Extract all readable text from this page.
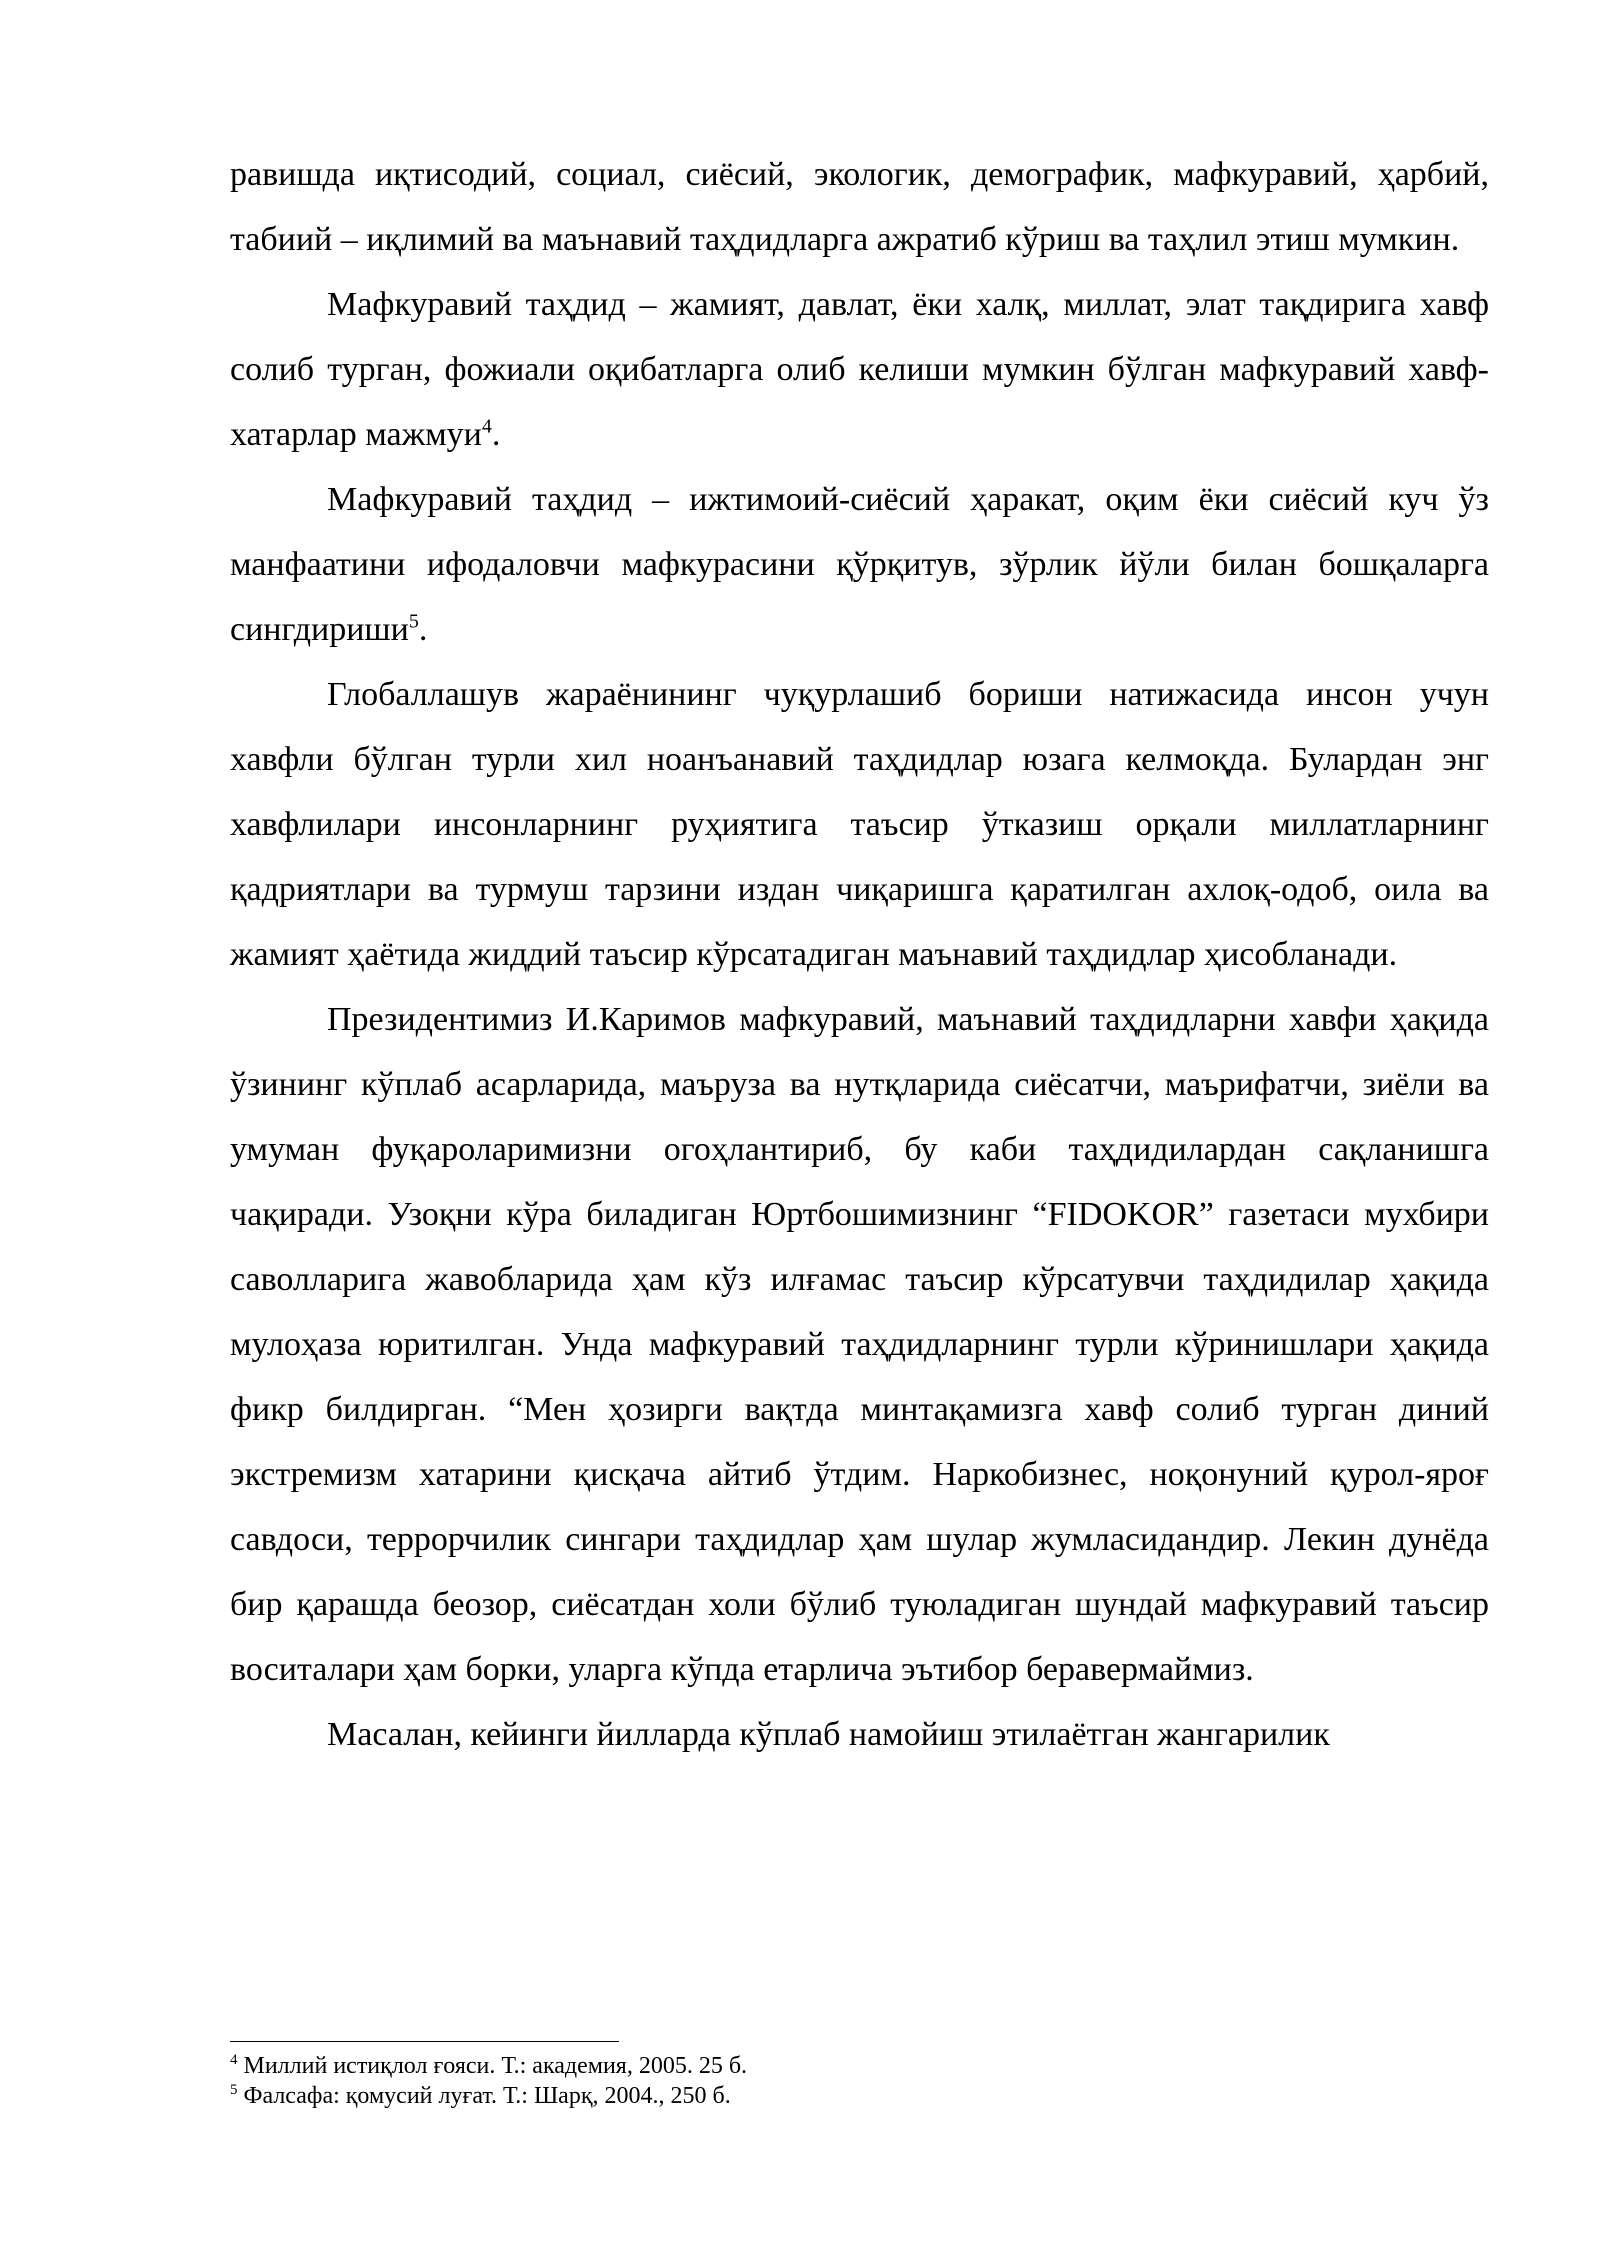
равишда иқтисодий, социал, сиёсий, экологик, демографик, мафкуравий, ҳарбий, табиий – иқлимий ва маънавий таҳдидларга ажратиб кўриш ва таҳлил этиш мумкин.

Мафкуравий таҳдид – жамият, давлат, ёки халқ, миллат, элат тақдирига хавф солиб турган, фожиали оқибатларга олиб келиши мумкин бўлган мафкуравий хавф-хатарлар мажмуи$^4$.

Мафкуравий таҳдид – ижтимоий-сиёсий ҳаракат, оқим ёки сиёсий куч ўз манфаатини ифодаловчи мафкурасини қўрқитув, зўрлик йўли билан бошқаларга сингдириши$^5$.

Глобаллашув жараёнининг чуқурлашиб бориши натижасида инсон учун хавфли бўлган турли хил ноанъанавий таҳдидлар юзага келмоқда. Булардан энг хавфлилари инсонларнинг руҳиятига таъсир ўтказиш орқали миллатларнинг қадриятлари ва турмуш тарзини издан чиқаришга қаратилган ахлоқ-одоб, оила ва жамият ҳаётида жиддий таъсир кўрсатадиган маънавий таҳдидлар ҳисобланади.

Президентимиз И.Каримов мафкуравий, маънавий таҳдидларни хавфи ҳақида ўзининг кўплаб асарларида, маъруза ва нутқларида сиёсатчи, маърифатчи, зиёли ва умуман фуқароларимизни огоҳлантириб, бу каби таҳдидилардан сақланишга чақиради. Узоқни кўра биладиган Юртбошимизнинг “FIDOKOR” газетаси мухбири саволларига жавобларида ҳам кўз илғамас таъсир кўрсатувчи таҳдидилар ҳақида мулоҳаза юритилган. Унда мафкуравий таҳдидларнинг турли кўринишлари ҳақида фикр билдирган. “Мен ҳозирги вақтда минтақамизга хавф солиб турган диний экстремизм хатарини қисқача айтиб ўтдим. Наркобизнес, ноқонуний қурол-яроғ савдоси, террорчилик сингари таҳдидлар ҳам шулар жумласидандир. Лекин дунёда бир қарашда беозор, сиёсатдан холи бўлиб туюладиган шундай мафкуравий таъсир воситалари ҳам борки, уларга кўпда етарлича эътибор беравермаймиз.

Масалан, кейинги йилларда кўплаб намойиш этилаётган жангарилик

$^4$ Миллий истиқлол ғояси. Т.: академия, 2005. 25 б.

$^5$ Фалсафа: қомусий луғат. Т.: Шарқ, 2004., 250 б.
